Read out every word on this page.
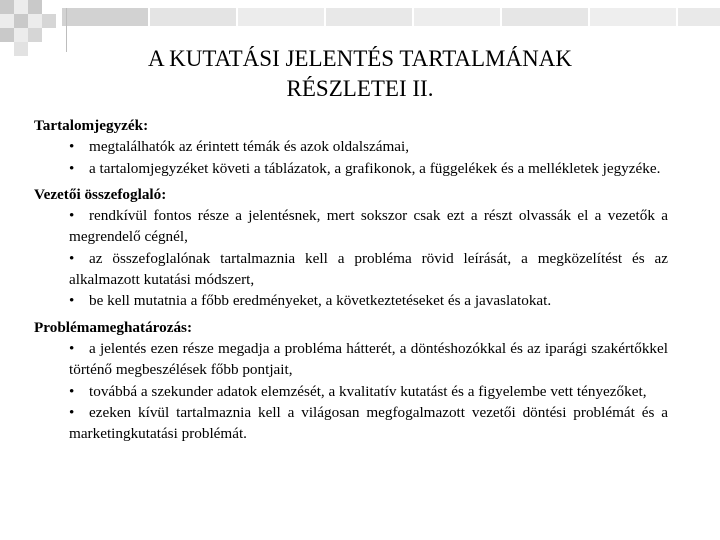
A KUTATÁSI JELENTÉS TARTALMÁNAK
RÉSZLETEI II.
Tartalomjegyzék:

• megtalálhatók az érintett témák és azok oldalszámai,

• a tartalomjegyzéket követi a táblázatok, a grafikonok, a függelékek és a mellékletek jegyzéke.

Vezetői összefoglaló:

• rendkívül fontos része a jelentésnek, mert sokszor csak ezt a részt olvassák el a vezetők a megrendelő cégnél,

• az összefoglalónak tartalmaznia kell a probléma rövid leírását, a megközelítést és az alkalmazott kutatási módszert,

• be kell mutatnia a főbb eredményeket, a következtetéseket és a javaslatokat.

Problémameghatározás:

• a jelentés ezen része megadja a probléma hátterét, a döntéshozókkal és az iparági szakértőkkel történő megbeszélések főbb pontjait,

• továbbá a szekunder adatok elemzését, a kvalitatív kutatást és a figyelembe vett tényezőket,

• ezeken kívül tartalmaznia kell a világosan megfogalmazott vezetői döntési problémát és a marketingkutatási problémát.
